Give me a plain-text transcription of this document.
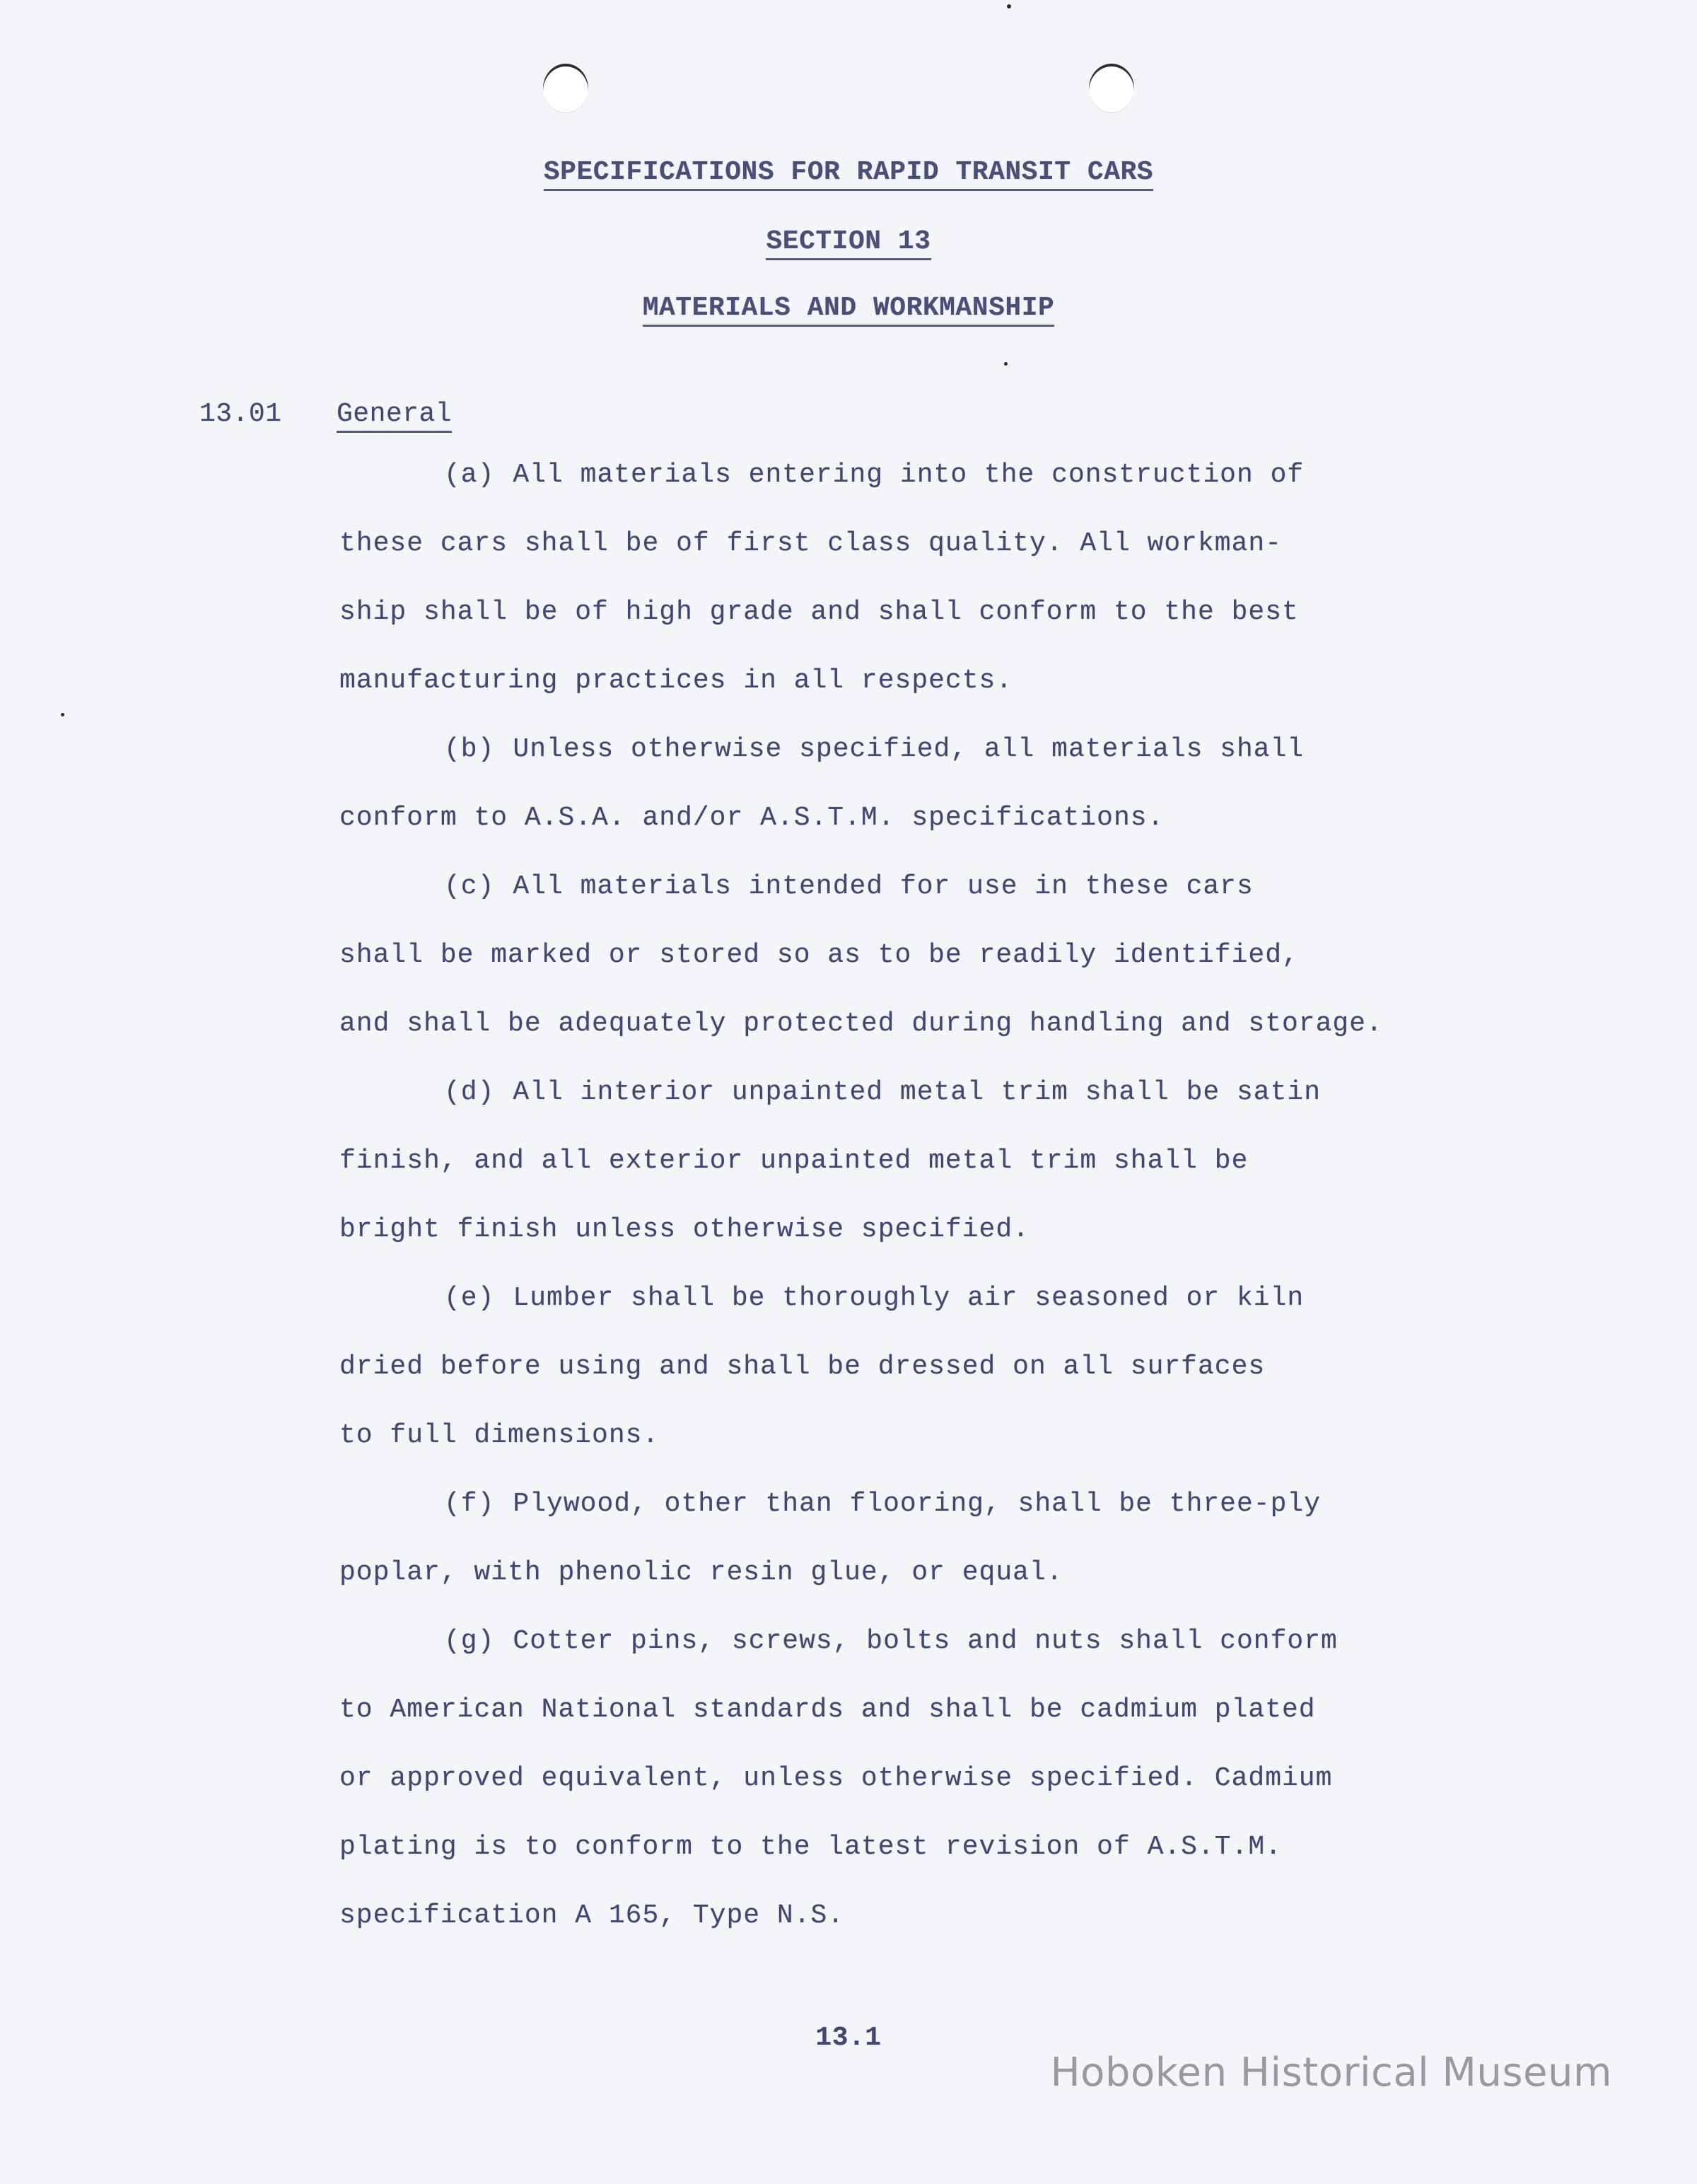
SPECIFICATIONS FOR RAPID TRANSIT CARS
SECTION 13
MATERIALS AND WORKMANSHIP
13.01 General
(a) All materials entering into the construction of
these cars shall be of first class quality. All workman-
ship shall be of high grade and shall conform to the best
manufacturing practices in all respects.
(b) Unless otherwise specified, all materials shall
conform to A.S.A. and/or A.S.T.M. specifications.
(c) All materials intended for use in these cars
shall be marked or stored so as to be readily identified,
and shall be adequately protected during handling and storage.
(d) All interior unpainted metal trim shall be satin
finish, and all exterior unpainted metal trim shall be
bright finish unless otherwise specified.
(e) Lumber shall be thoroughly air seasoned or kiln
dried before using and shall be dressed on all surfaces
to full dimensions.
(f) Plywood, other than flooring, shall be three-ply
poplar, with phenolic resin glue, or equal.
(g) Cotter pins, screws, bolts and nuts shall conform
to American National standards and shall be cadmium plated
or approved equivalent, unless otherwise specified. Cadmium
plating is to conform to the latest revision of A.S.T.M.
specification A 165, Type N.S.
13.1
Hoboken Historical Museum
